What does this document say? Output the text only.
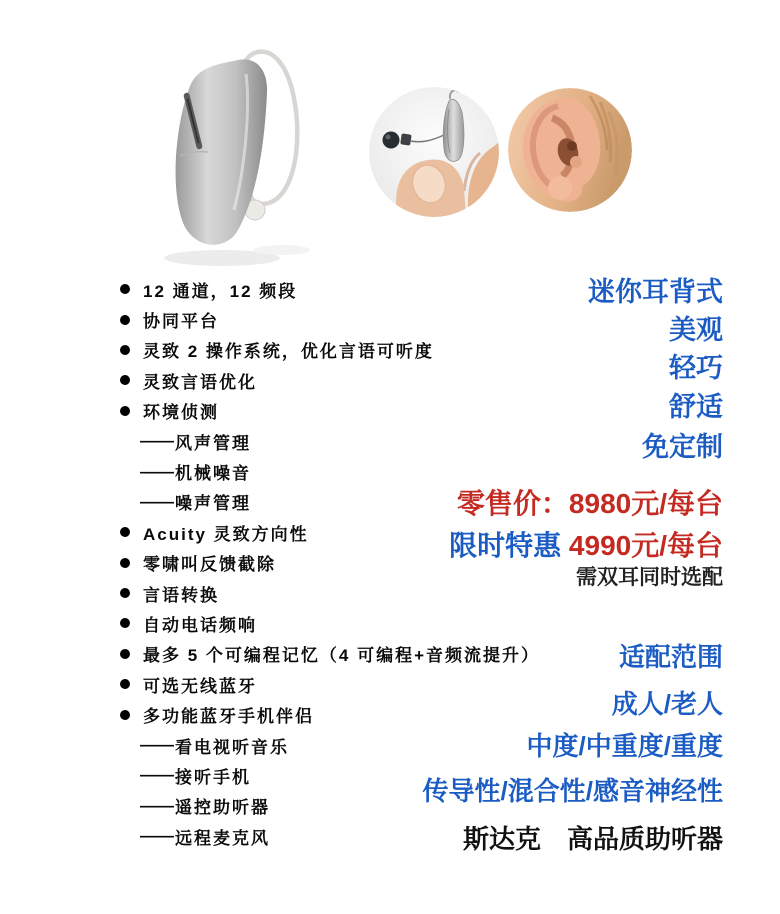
12 通道，12 频段
协同平台
灵致 2 操作系统，优化言语可听度
灵致言语优化
环境侦测
—— 风声管理
—— 机械噪音
—— 噪声管理
Acuity 灵致方向性
零啸叫反馈截除
言语转换
自动电话频响
最多 5 个可编程记忆（4 可编程+音频流提升）
可选无线蓝牙
多功能蓝牙手机伴侣
—— 看电视听音乐
—— 接听手机
—— 遥控助听器
—— 远程麦克风
迷你耳背式
美观
轻巧
舒适
免定制
零售价：8980元/每台
限时特惠 4990元/每台
需双耳同时选配
适配范围
成人/老人
中度/中重度/重度
传导性/混合性/感音神经性
斯达克　高品质助听器
